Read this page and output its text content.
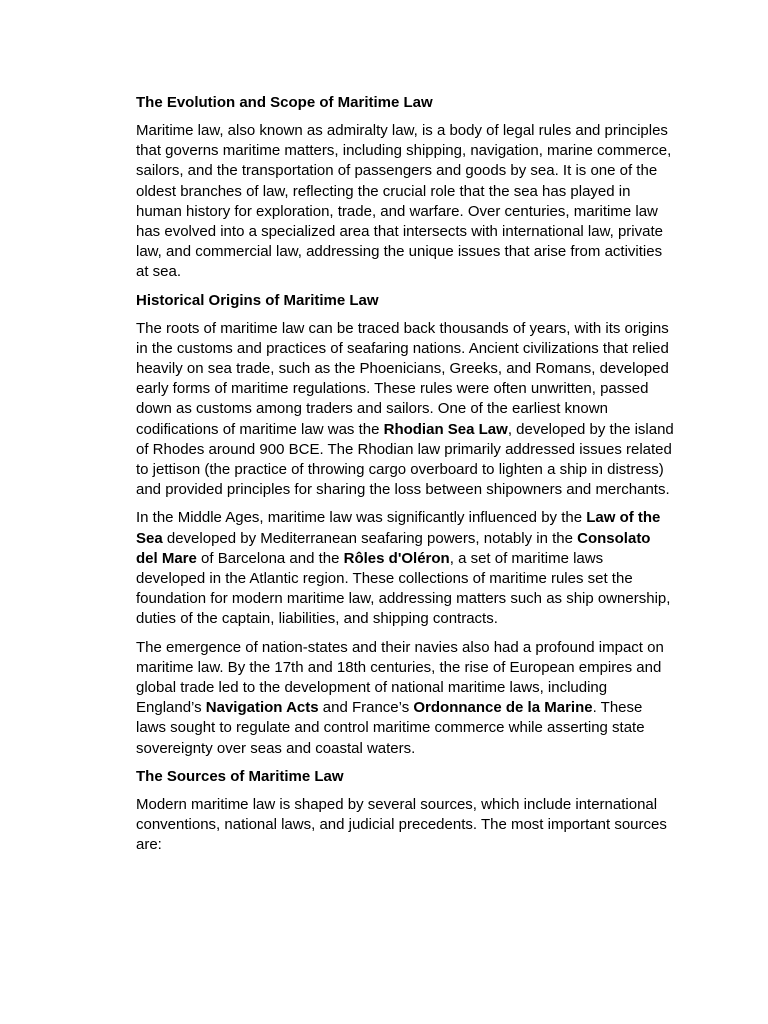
The Evolution and Scope of Maritime Law
Maritime law, also known as admiralty law, is a body of legal rules and principles that governs maritime matters, including shipping, navigation, marine commerce, sailors, and the transportation of passengers and goods by sea. It is one of the oldest branches of law, reflecting the crucial role that the sea has played in human history for exploration, trade, and warfare. Over centuries, maritime law has evolved into a specialized area that intersects with international law, private law, and commercial law, addressing the unique issues that arise from activities at sea.
Historical Origins of Maritime Law
The roots of maritime law can be traced back thousands of years, with its origins in the customs and practices of seafaring nations. Ancient civilizations that relied heavily on sea trade, such as the Phoenicians, Greeks, and Romans, developed early forms of maritime regulations. These rules were often unwritten, passed down as customs among traders and sailors. One of the earliest known codifications of maritime law was the Rhodian Sea Law, developed by the island of Rhodes around 900 BCE. The Rhodian law primarily addressed issues related to jettison (the practice of throwing cargo overboard to lighten a ship in distress) and provided principles for sharing the loss between shipowners and merchants.
In the Middle Ages, maritime law was significantly influenced by the Law of the Sea developed by Mediterranean seafaring powers, notably in the Consolato del Mare of Barcelona and the Rôles d'Oléron, a set of maritime laws developed in the Atlantic region. These collections of maritime rules set the foundation for modern maritime law, addressing matters such as ship ownership, duties of the captain, liabilities, and shipping contracts.
The emergence of nation-states and their navies also had a profound impact on maritime law. By the 17th and 18th centuries, the rise of European empires and global trade led to the development of national maritime laws, including England’s Navigation Acts and France’s Ordonnance de la Marine. These laws sought to regulate and control maritime commerce while asserting state sovereignty over seas and coastal waters.
The Sources of Maritime Law
Modern maritime law is shaped by several sources, which include international conventions, national laws, and judicial precedents. The most important sources are:
